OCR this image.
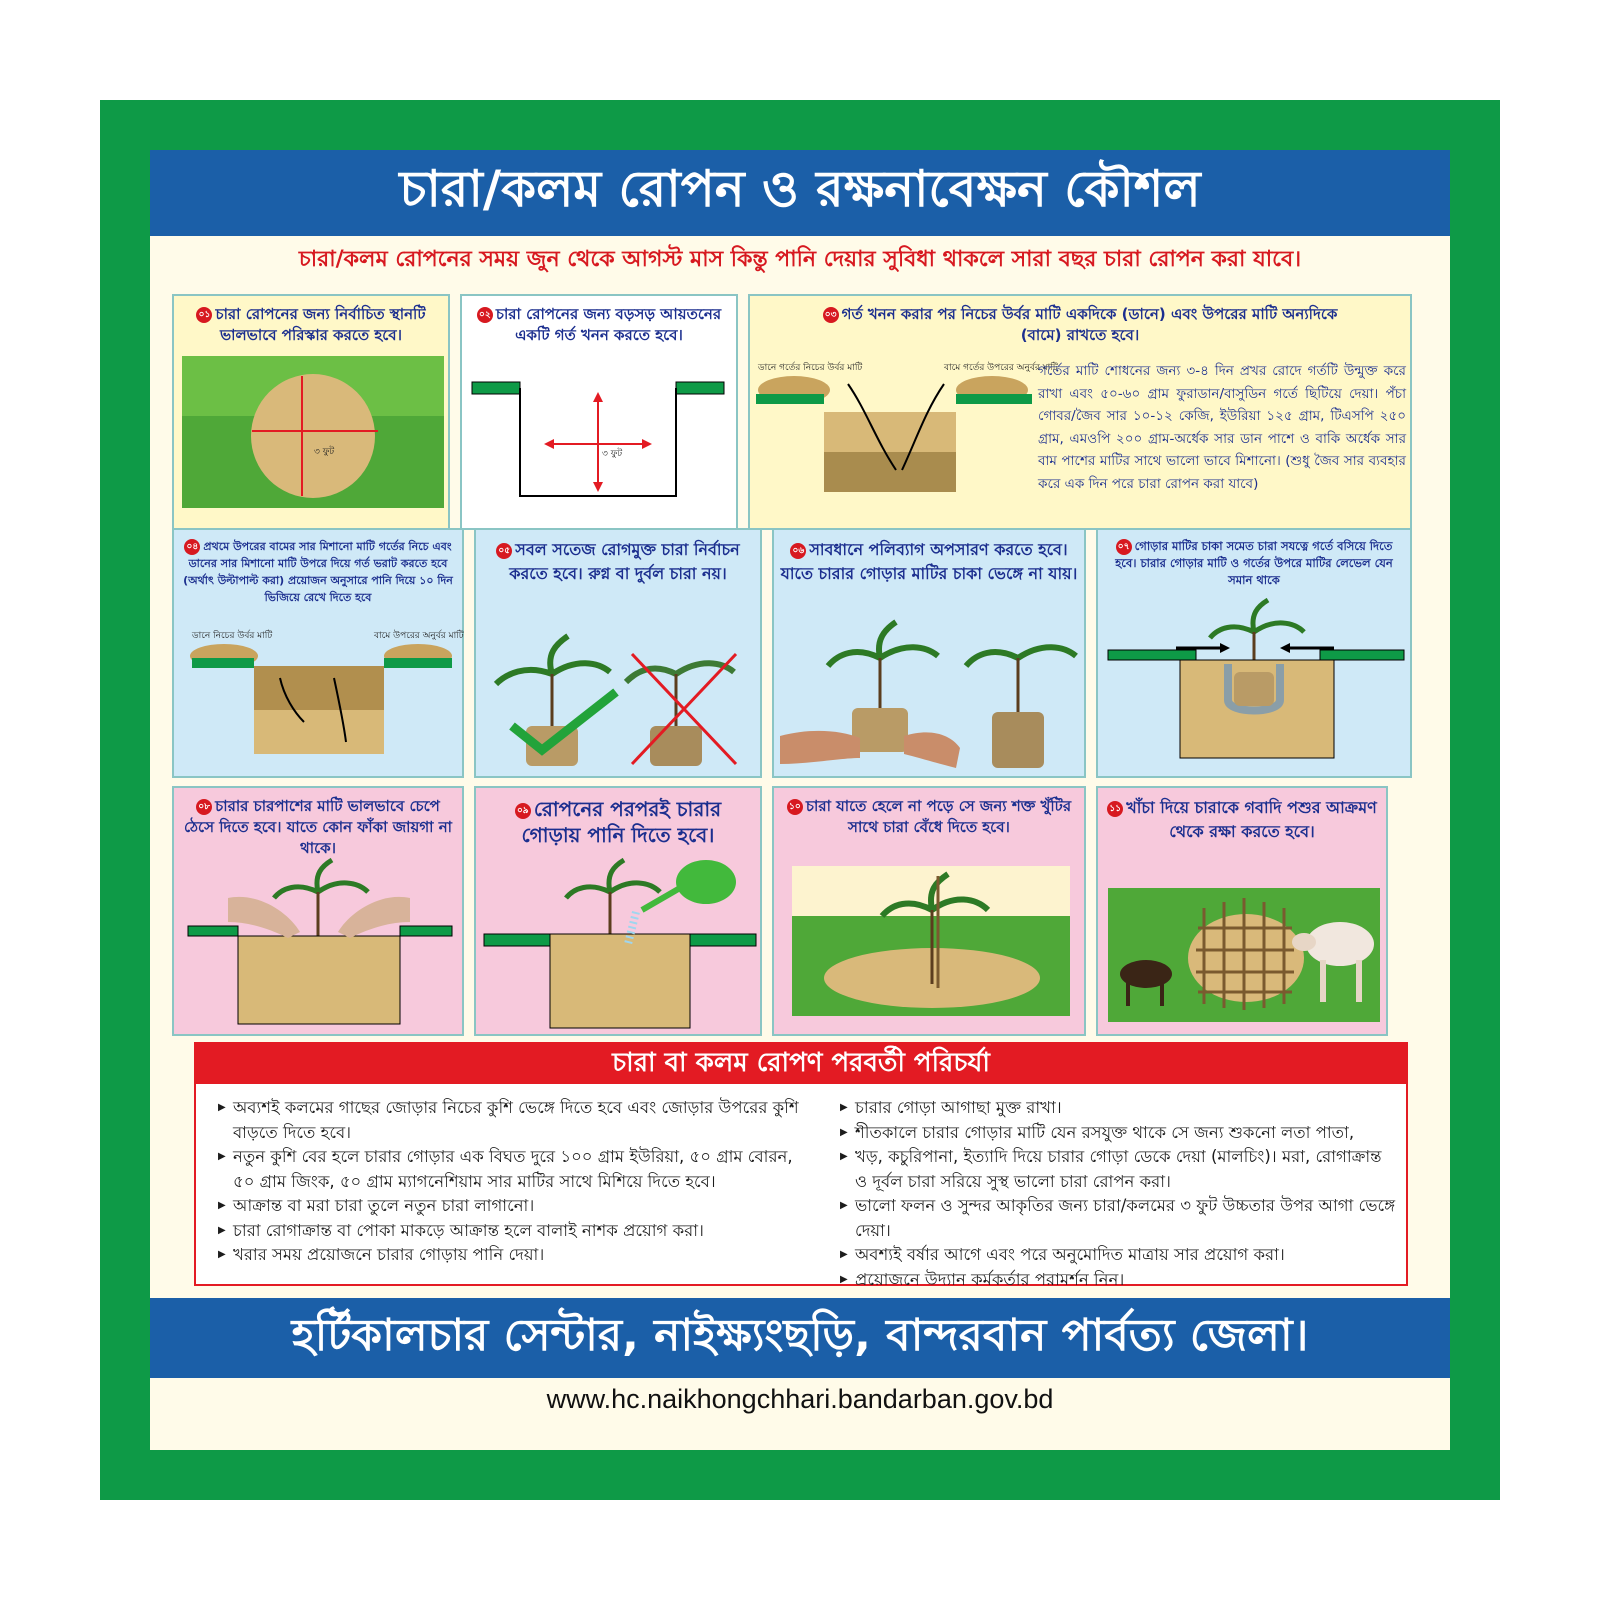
চারা/কলম রোপন ও রক্ষনাবেক্ষন কৌশল
চারা/কলম রোপনের সময় জুন থেকে আগস্ট মাস কিন্তু পানি দেয়ার সুবিধা থাকলে সারা বছর চারা রোপন করা যাবে।
০১ চারা রোপনের জন্য নির্বাচিত স্থানটি ভালভাবে পরিস্কার করতে হবে।
৩ ফুট
০২ চারা রোপনের জন্য বড়সড় আয়তনের একটি গর্ত খনন করতে হবে।
৩ ফুট
০৩ গর্ত খনন করার পর নিচের উর্বর মাটি একদিকে (ডানে) এবং উপরের মাটি অন্যদিকে (বামে) রাখতে হবে।
ডানে গর্তের নিচের উর্বর মাটি	বামে গর্তের উপরের অনুর্বর মাটি
গর্তের মাটি শোধনের জন্য ৩-৪ দিন প্রখর রোদে গর্তটি উন্মুক্ত করে রাখা এবং ৫০-৬০ গ্রাম ফুরাডান/বাসুডিন গর্তে ছিটিয়ে দেয়া। পঁচা গোবর/জৈব সার ১০-১২ কেজি, ইউরিয়া ১২৫ গ্রাম, টিএসপি ২৫০ গ্রাম, এমওপি ২০০ গ্রাম-অর্ধেক সার ডান পাশে ও বাকি অর্ধেক সার বাম পাশের মাটির সাথে ভালো ভাবে মিশানো। (শুধু জৈব সার ব্যবহার করে এক দিন পরে চারা রোপন করা যাবে)
০৪ প্রথমে উপরের বামের সার মিশানো মাটি গর্তের নিচে এবং ডানের সার মিশানো মাটি উপরে দিয়ে গর্ত ভরাট করতে হবে (অর্থাৎ উল্টাপাল্ট করা) প্রয়োজন অনুসারে পানি দিয়ে ১০ দিন ভিজিয়ে রেখে দিতে হবে
ডানে নিচের উর্বর মাটি	বামে উপরের অনুর্বর মাটি
০৫ সবল সতেজ রোগমুক্ত চারা নির্বাচন করতে হবে। রুগ্ন বা দুর্বল চারা নয়।
০৬ সাবধানে পলিব্যাগ অপসারণ করতে হবে। যাতে চারার গোড়ার মাটির চাকা ভেঙ্গে না যায়।
০৭ গোড়ার মাটির চাকা সমেত চারা সযত্নে গর্তে বসিয়ে দিতে হবে। চারার গোড়ার মাটি ও গর্তের উপরে মাটির লেভেল যেন সমান থাকে
০৮ চারার চারপাশের মাটি ভালভাবে চেপে ঠেসে দিতে হবে। যাতে কোন ফাঁকা জায়গা না থাকে।
০৯ রোপনের পরপরই চারার গোড়ায় পানি দিতে হবে।
১০ চারা যাতে হেলে না পড়ে সে জন্য শক্ত খুঁটির সাথে চারা বেঁধে দিতে হবে।
১১ খাঁচা দিয়ে চারাকে গবাদি পশুর আক্রমণ থেকে রক্ষা করতে হবে।
চারা বা কলম রোপণ পরবর্তী পরিচর্যা
▶ অব্যশই কলমের গাছের জোড়ার নিচের কুশি ভেঙ্গে দিতে হবে এবং জোড়ার উপরের কুশি বাড়তে দিতে হবে।
▶ নতুন কুশি বের হলে চারার গোড়ার এক বিঘত দুরে ১০০ গ্রাম ইউরিয়া, ৫০ গ্রাম বোরন, ৫০ গ্রাম জিংক, ৫০ গ্রাম ম্যাগনেশিয়াম সার মাটির সাথে মিশিয়ে দিতে হবে।
▶ আক্রান্ত বা মরা চারা তুলে নতুন চারা লাগানো।
▶ চারা রোগাক্রান্ত বা পোকা মাকড়ে আক্রান্ত হলে বালাই নাশক প্রয়োগ করা।
▶ খরার সময় প্রয়োজনে চারার গোড়ায় পানি দেয়া।
▶ চারার গোড়া আগাছা মুক্ত রাখা।
▶ শীতকালে চারার গোড়ার মাটি যেন রসযুক্ত থাকে সে জন্য শুকনো লতা পাতা,
▶ খড়, কচুরিপানা, ইত্যাদি দিয়ে চারার গোড়া ডেকে দেয়া (মালচিং)। মরা, রোগাক্রান্ত ও দূর্বল চারা সরিয়ে সুস্থ ভালো চারা রোপন করা।
▶ ভালো ফলন ও সুন্দর আকৃতির জন্য চারা/কলমের ৩ ফুট উচ্চতার উপর আগা ভেঙ্গে দেয়া।
▶ অবশ্যই বর্ষার আগে এবং পরে অনুমোদিত মাত্রায় সার প্রয়োগ করা।
▶ প্রয়োজনে উদ্যান কর্মকর্তার পরামর্শন নিন।
হর্টিকালচার সেন্টার, নাইক্ষ্যংছড়ি, বান্দরবান পার্বত্য জেলা।
www.hc.naikhongchhari.bandarban.gov.bd
